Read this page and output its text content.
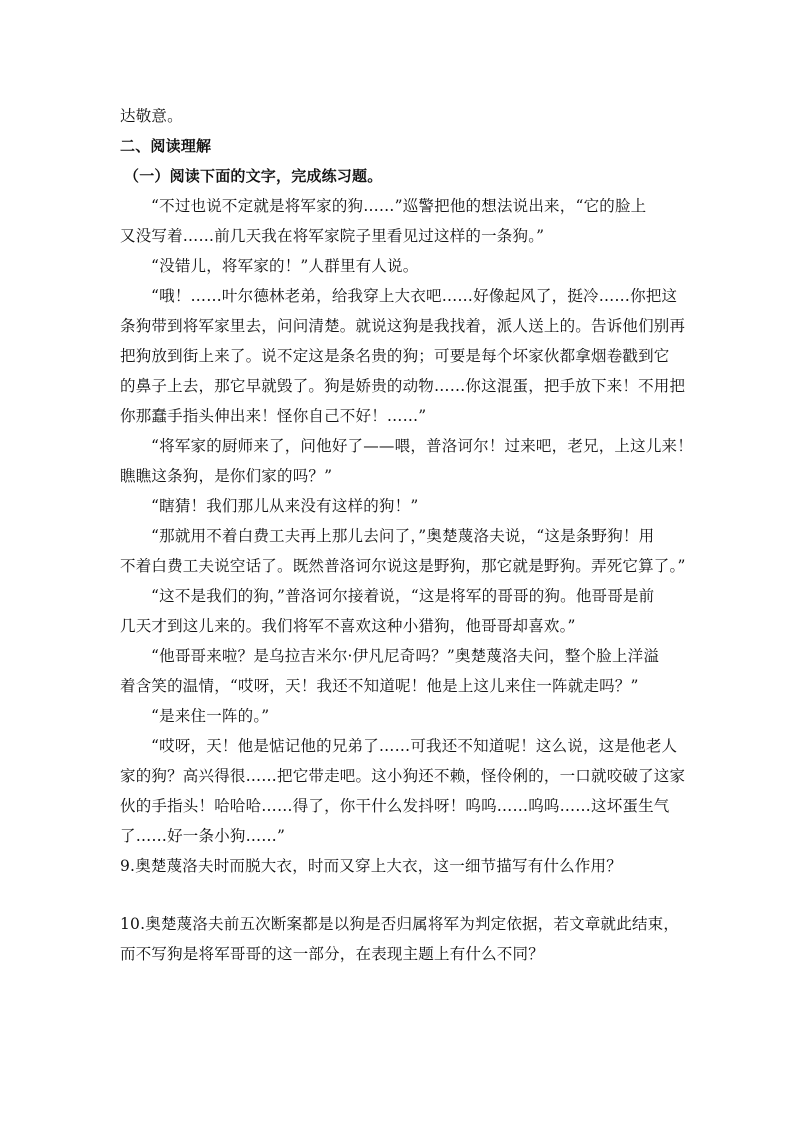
达敬意。
二、阅读理解
（一）阅读下面的文字，完成练习题。
“不过也说不定就是将军家的狗……”巡警把他的想法说出来，“它的脸上
又没写着……前几天我在将军家院子里看见过这样的一条狗。”
“没错儿，将军家的！”人群里有人说。
“哦！……叶尔德林老弟，给我穿上大衣吧……好像起风了，挺冷……你把这
条狗带到将军家里去，问问清楚。就说这狗是我找着，派人送上的。告诉他们别再
把狗放到街上来了。说不定这是条名贵的狗；可要是每个坏家伙都拿烟卷戳到它
的鼻子上去，那它早就毁了。狗是娇贵的动物……你这混蛋，把手放下来！不用把
你那蠢手指头伸出来！怪你自己不好！……”
“将军家的厨师来了，问他好了——喂，普洛诃尔！过来吧，老兄，上这儿来！
瞧瞧这条狗，是你们家的吗？”
“瞎猜！我们那儿从来没有这样的狗！”
“那就用不着白费工夫再上那儿去问了，”奥楚蔑洛夫说，“这是条野狗！用
不着白费工夫说空话了。既然普洛诃尔说这是野狗，那它就是野狗。弄死它算了。”
“这不是我们的狗，”普洛诃尔接着说，“这是将军的哥哥的狗。他哥哥是前
几天才到这儿来的。我们将军不喜欢这种小猎狗，他哥哥却喜欢。”
“他哥哥来啦？是乌拉吉米尔·伊凡尼奇吗？”奥楚蔑洛夫问，整个脸上洋溢
着含笑的温情，“哎呀，天！我还不知道呢！他是上这儿来住一阵就走吗？”
“是来住一阵的。”
“哎呀，天！他是惦记他的兄弟了……可我还不知道呢！这么说，这是他老人
家的狗？高兴得很……把它带走吧。这小狗还不赖，怪伶俐的，一口就咬破了这家
伙的手指头！哈哈哈……得了，你干什么发抖呀！呜呜……呜呜……这坏蛋生气
了……好一条小狗……”
9.奥楚蔑洛夫时而脱大衣，时而又穿上大衣，这一细节描写有什么作用？
10.奥楚蔑洛夫前五次断案都是以狗是否归属将军为判定依据，若文章就此结束，
而不写狗是将军哥哥的这一部分，在表现主题上有什么不同？
